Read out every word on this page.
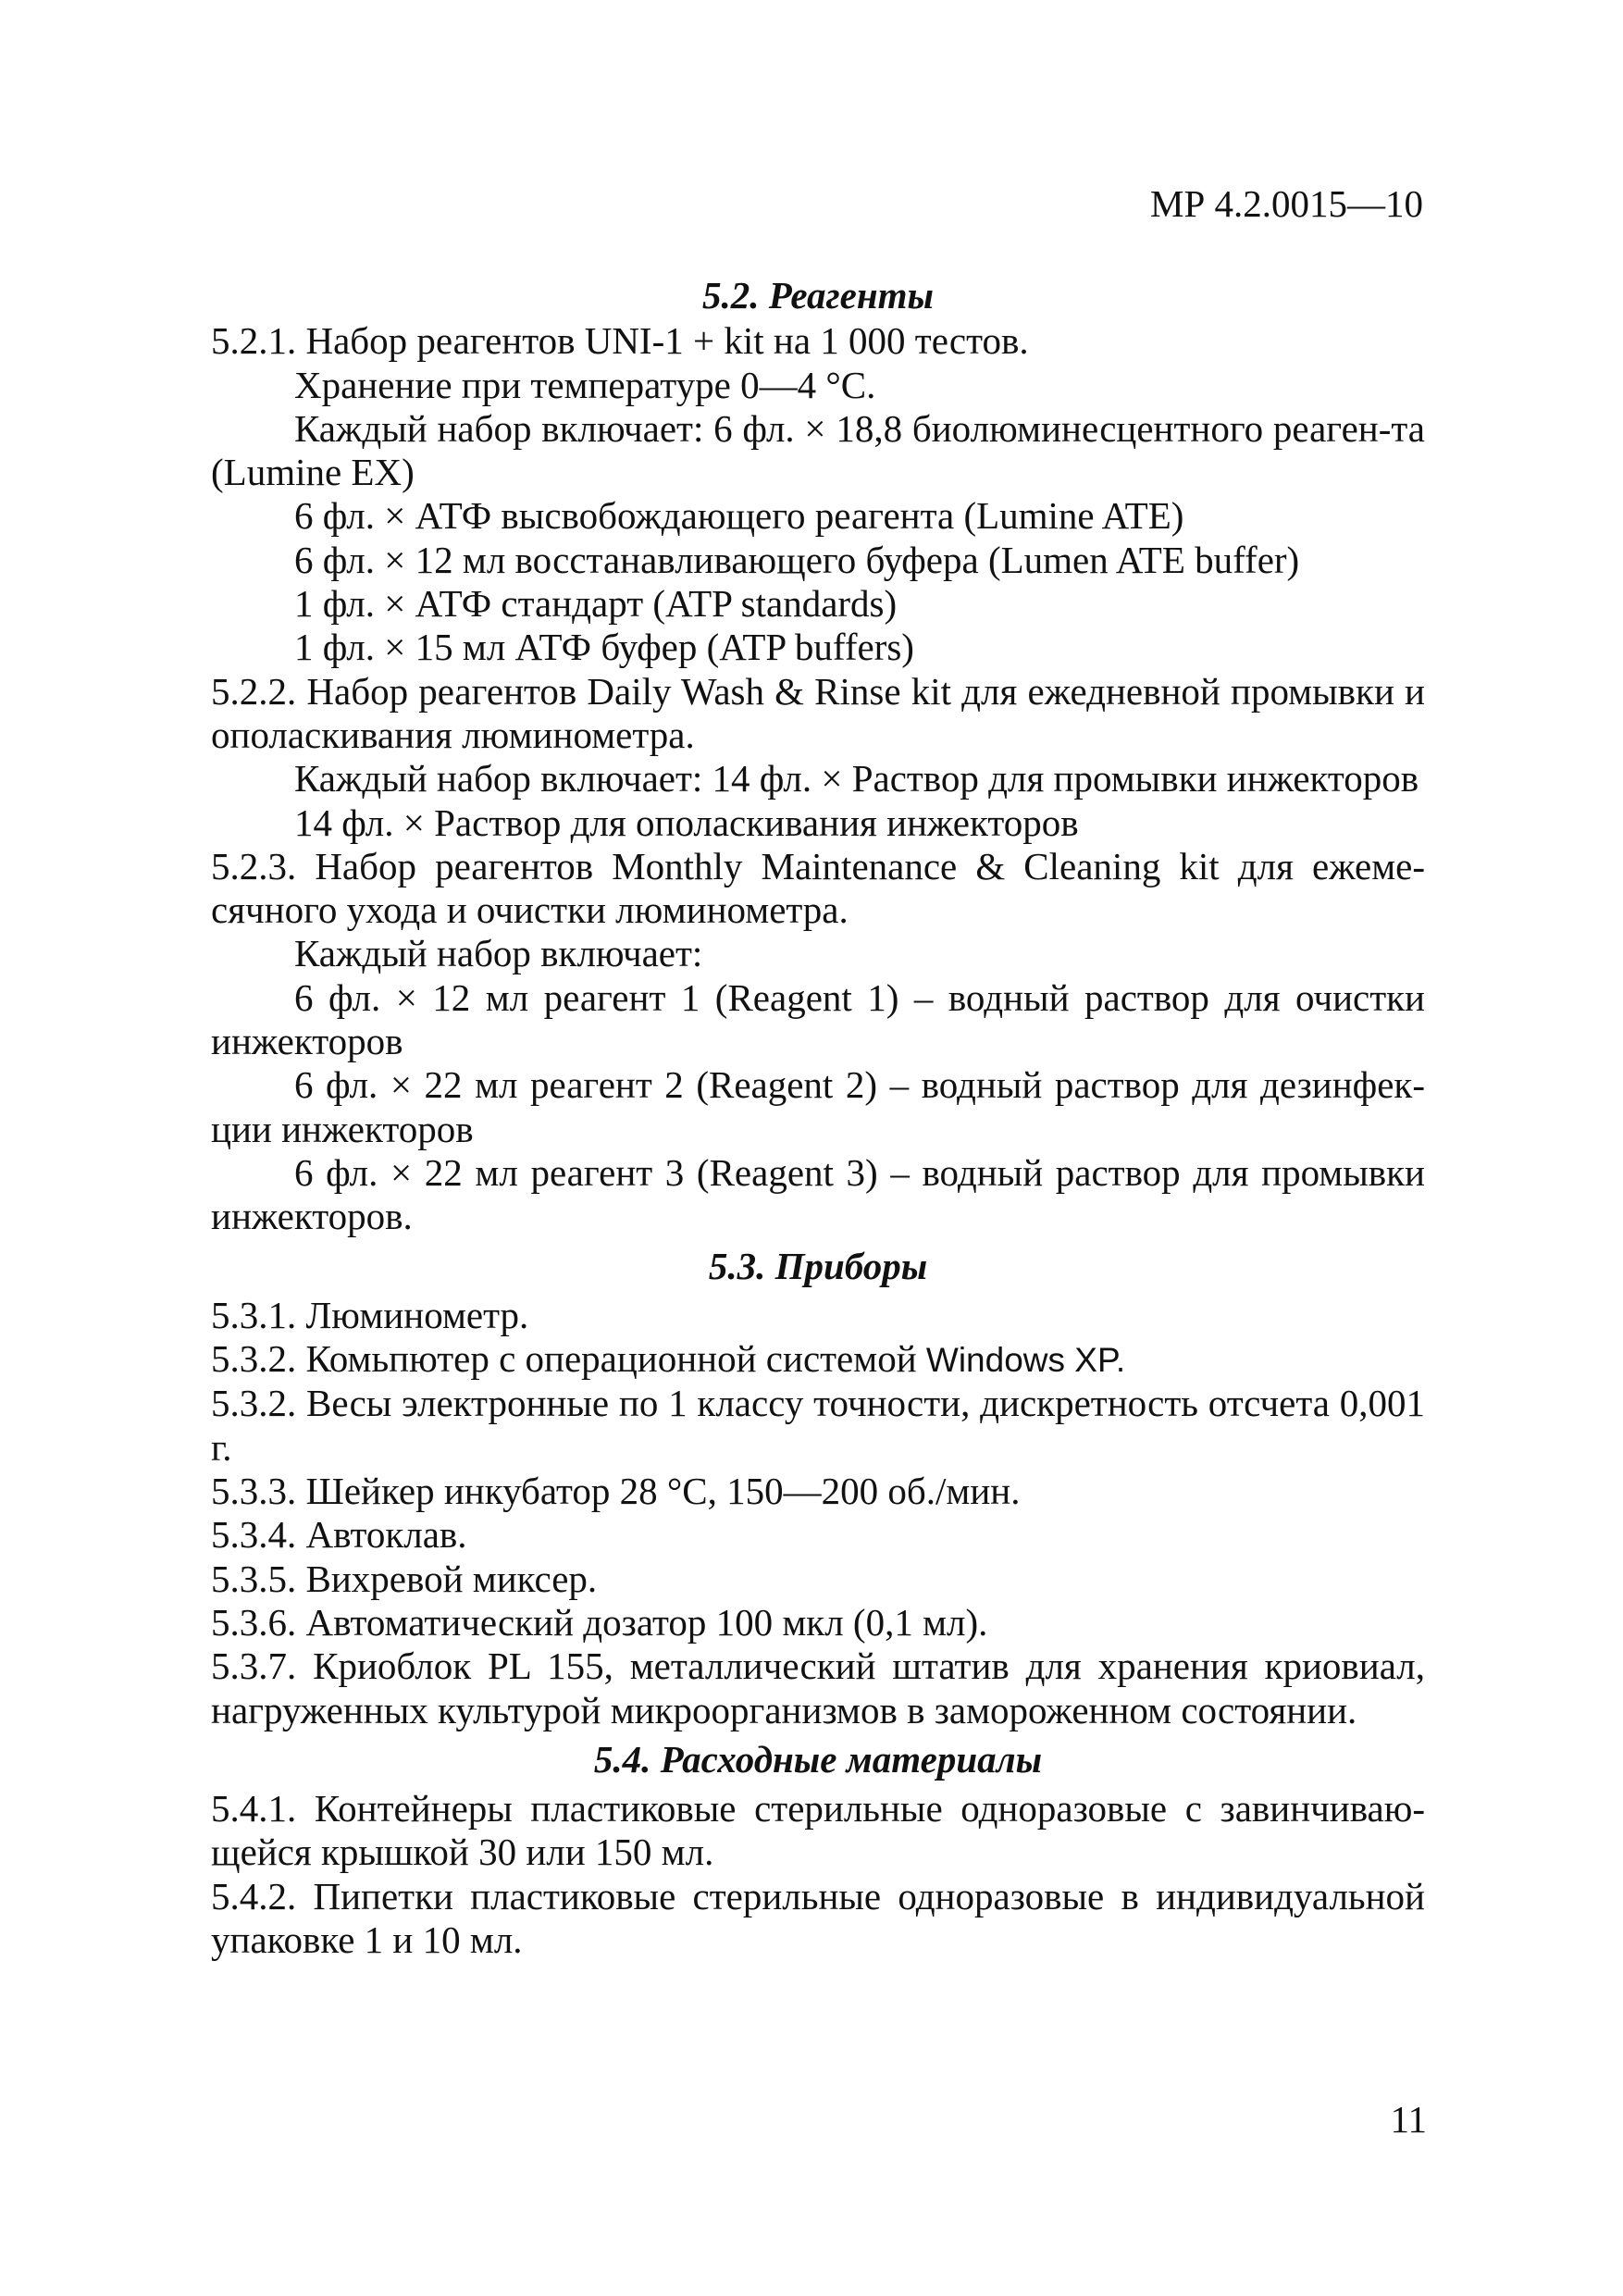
МР 4.2.0015—10

5.2. Реагенты

5.2.1. Набор реагентов UNI-1 + kit на 1 000 тестов.

Хранение при температуре 0—4 °С.

Каждый набор включает: 6 фл. × 18,8 биолюминесцентного реаген-та (Lumine EX)

6 фл. × АТФ высвобождающего реагента (Lumine ATE)

6 фл. × 12 мл восстанавливающего буфера (Lumen ATE buffer)

1 фл. × АТФ стандарт (ATP standards)

1 фл. × 15 мл АТФ буфер (ATP buffers)

5.2.2. Набор реагентов Daily Wash & Rinse kit для ежедневной промывки и ополаскивания люминометра.

Каждый набор включает: 14 фл. × Раствор для промывки инжекторов

14 фл. × Раствор для ополаскивания инжекторов

5.2.3. Набор реагентов Monthly Maintenance & Cleaning kit для ежеме-сячного ухода и очистки люминометра.

Каждый набор включает:

6 фл. × 12 мл реагент 1 (Reagent 1) – водный раствор для очистки инжекторов

6 фл. × 22 мл реагент 2 (Reagent 2) – водный раствор для дезинфек-ции инжекторов

6 фл. × 22 мл реагент 3 (Reagent 3) – водный раствор для промывки инжекторов.

5.3. Приборы

5.3.1. Люминометр.

5.3.2. Комьпютер с операционной системой Windows XP.

5.3.2. Весы электронные по 1 классу точности, дискретность отсчета 0,001 г.

5.3.3. Шейкер инкубатор 28 °С, 150—200 об./мин.

5.3.4. Автоклав.

5.3.5. Вихревой миксер.

5.3.6. Автоматический дозатор 100 мкл (0,1 мл).

5.3.7. Криоблок PL 155, металлический штатив для хранения криовиал, нагруженных культурой микроорганизмов в замороженном состоянии.

5.4. Расходные материалы

5.4.1. Контейнеры пластиковые стерильные одноразовые с завинчиваю-щейся крышкой 30 или 150 мл.

5.4.2. Пипетки пластиковые стерильные одноразовые в индивидуальной упаковке 1 и 10 мл.

11
